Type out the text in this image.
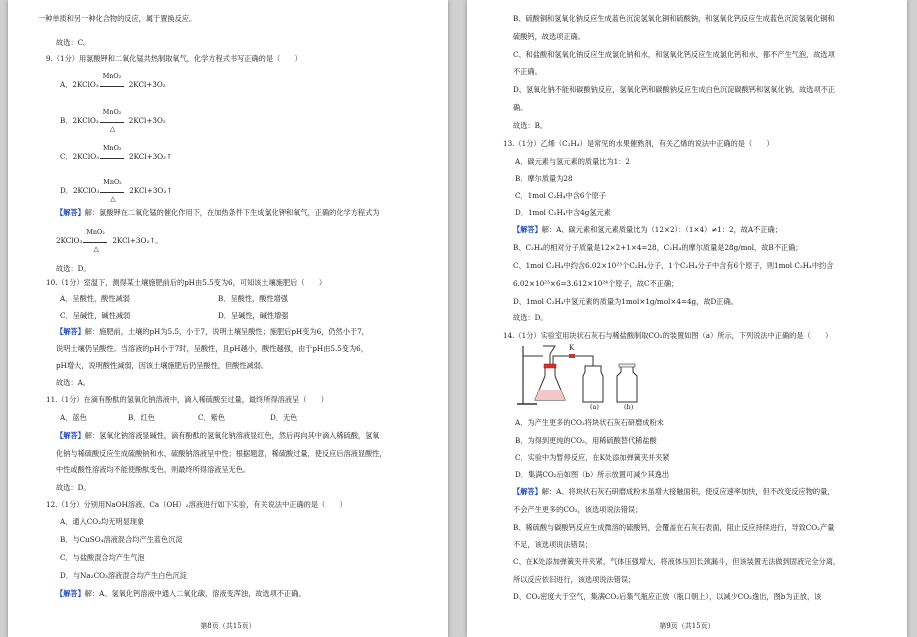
一种单质和另一种化合物的反应，属于置换反应。
故选：C。
9.（1分）用氯酸钾和二氧化锰共热制取氧气，化学方程式书写正确的是（　　）
故选：D。
10.（1分）室温下，测得某土壤施肥前后的pH由5.5变为6，可知该土壤施肥后（　　）
A．呈酸性，酸性减弱	B．呈酸性，酸性增强
C．呈碱性，碱性减弱	D．呈碱性，碱性增强
说明土壤仍呈酸性。当溶液的pH小于7时，呈酸性，且pH越小，酸性越强，由于pH由5.5变为6，
pH增大，说明酸性减弱，因该土壤施肥后仍呈酸性，但酸性减弱。
故选：A。
11.（1分）在滴有酚酞的氢氧化钠溶液中，滴入稀硫酸至过量，最终所得溶液呈（　　）
A．蓝色	B．红色	C．紫色	D．无色
化钠与稀硫酸反应生成硫酸钠和水，硫酸钠溶液呈中性；根据题意，稀硫酸过量，使反应后溶液显酸性，
中性或酸性溶液均不能使酚酞变色，则最终所得溶液呈无色。
故选：D。
12.（1分）分别用NaOH溶液、Ca（OH）₂溶液进行如下实验，有关说法中正确的是（　　）
A．通入CO₂均无明显现象
B．与CuSO₄溶液混合均产生蓝色沉淀
C．与盐酸混合均产生气泡
D．与Na₂CO₃溶液混合均产生白色沉淀
【解答】解：氯酸钾在二氧化锰的催化作用下，在加热条件下生成氯化钾和氧气，正确的化学方程式为
【解答】解：施肥前，土壤的pH为5.5，小于7，说明土壤呈酸性；施肥后pH变为6，仍然小于7，
【解答】解：氢氧化钠溶液显碱性，滴有酚酞的氢氧化钠溶液显红色，然后再向其中滴入稀硫酸，氢氧
【解答】解：A、氢氧化钙溶液中通入二氧化碳，溶液变浑浊，故选项不正确。
A．2KClO₃
MnO₂
2KCl+3O₂
B．2KClO₃
MnO₂
△
2KCl+3O₂
C．2KClO₃
MnO₂
2KCl+3O₂↑
D．2KClO₃
MnO₂
△
2KCl+3O₂↑
2KClO₃
MnO₂
△
2KCl+3O₂↑。
第8页（共15页）
K
(a)	(b)
B、硫酸铜和氢氧化钠反应生成蓝色沉淀氢氧化铜和硫酸钠，和氢氧化钙反应生成蓝色沉淀氢氧化铜和
硫酸钙，故选项正确。
C、和盐酸和氢氧化钠反应生成氯化钠和水，和氢氧化钙反应生成氯化钙和水，都不产生气泡，故选项
不正确。
D、氢氧化钠不能和碳酸钠反应，氢氧化钙和碳酸钠反应生成白色沉淀碳酸钙和氢氧化钠，故选项不正
确。
故选：B。
13.（1分）乙烯（C₂H₄）是常见的水果催熟剂，有关乙烯的说法中正确的是（　　）
A．碳元素与氢元素的质量比为1：2
B．摩尔质量为28
C．1mol C₂H₄中含6个原子
D．1mol C₂H₄中含4g氢元素
B、C₂H₄的相对分子质量是12×2+1×4=28，C₂H₄的摩尔质量是28g/mol，故B不正确；
C、1mol C₂H₄中约含6.02×10²³个C₂H₄分子，1个C₂H₄分子中含有6个原子，则1mol C₂H₄中约含
6.02×10²³×6=3.612×10²⁴个原子，故C不正确；
D、1mol C₂H₄中氢元素的质量为1mol×1g/mol×4=4g，故D正确。
故选：D。
14.（1分）实验室用块状石灰石与稀盐酸制取CO₂的装置如图（a）所示，下列说法中正确的是（　　）
A．为产生更多的CO₂将块状石灰石研磨成粉末
B．为得到更纯的CO₂，用稀硫酸替代稀盐酸
C．实验中为暂停反应，在K处添加弹簧夹并夹紧
D．集满CO₂后如图（b）所示放置可减少其逸出
不会产生更多的CO₂，该选项说法错误；
B、稀硫酸与碳酸钙反应生成微溶的硫酸钙，会覆盖在石灰石表面，阻止反应持续进行，导致CO₂产量
不足，该选项说法错误；
C、在K处添加弹簧夹并夹紧，气体压强增大，将液体压回长颈漏斗，但该装置无法做到固液完全分离，
所以反应依旧进行，该选项说法错误；
D、CO₂密度大于空气，集满CO₂后集气瓶应正放（瓶口朝上），以减少CO₂逸出，图b为正放，该
【解答】解：A、碳元素和氢元素质量比为（12×2）：（1×4）≠1：2，故A不正确；
【解答】解：A、将块状石灰石研磨成粉末虽增大接触面积，使反应速率加快，但不改变反应物的量，
第9页（共15页）
